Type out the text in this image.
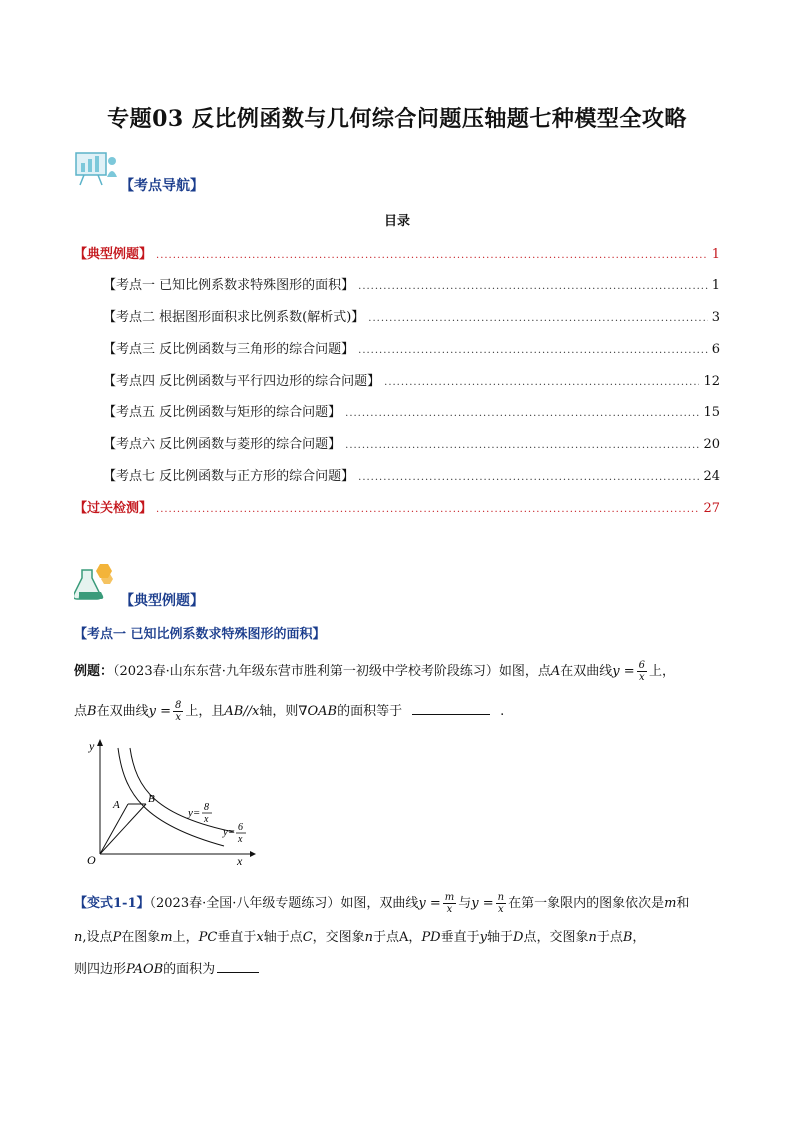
专题03 反比例函数与几何综合问题压轴题七种模型全攻略
【考点导航】
目录
【典型例题】 .....	1
【考点一 已知比例系数求特殊图形的面积】 .....	1
【考点二 根据图形面积求比例系数(解析式)】 .....	3
【考点三 反比例函数与三角形的综合问题】 .....	6
【考点四 反比例函数与平行四边形的综合问题】 .....	12
【考点五 反比例函数与矩形的综合问题】 .....	15
【考点六 反比例函数与菱形的综合问题】 .....	20
【考点七 反比例函数与正方形的综合问题】 .....	24
【过关检测】 .....	27
【典型例题】
【考点一 已知比例系数求特殊图形的面积】
例题：（2023春·山东东营·九年级东营市胜利第一初级中学校考阶段练习）如图，点A在双曲线$y = \frac{6}{x}$ 上，
点B在双曲线$y = \frac{8}{x}$ 上，且AB//x轴，则∇OAB的面积等于	.
y
x
O
A	B
y= 8
x
y= 6
x
【变式1-1】（2023春·全国·八年级专题练习）如图，双曲线$y = \frac{m}{x}$ 与$y = \frac{n}{x}$ 在第一象限内的图象依次是m和
n,设点P在图象m上，PC垂直于x轴于点C，交图象n于点A，PD垂直于y轴于D点，交图象n于点B，
则四边形PAOB的面积为
